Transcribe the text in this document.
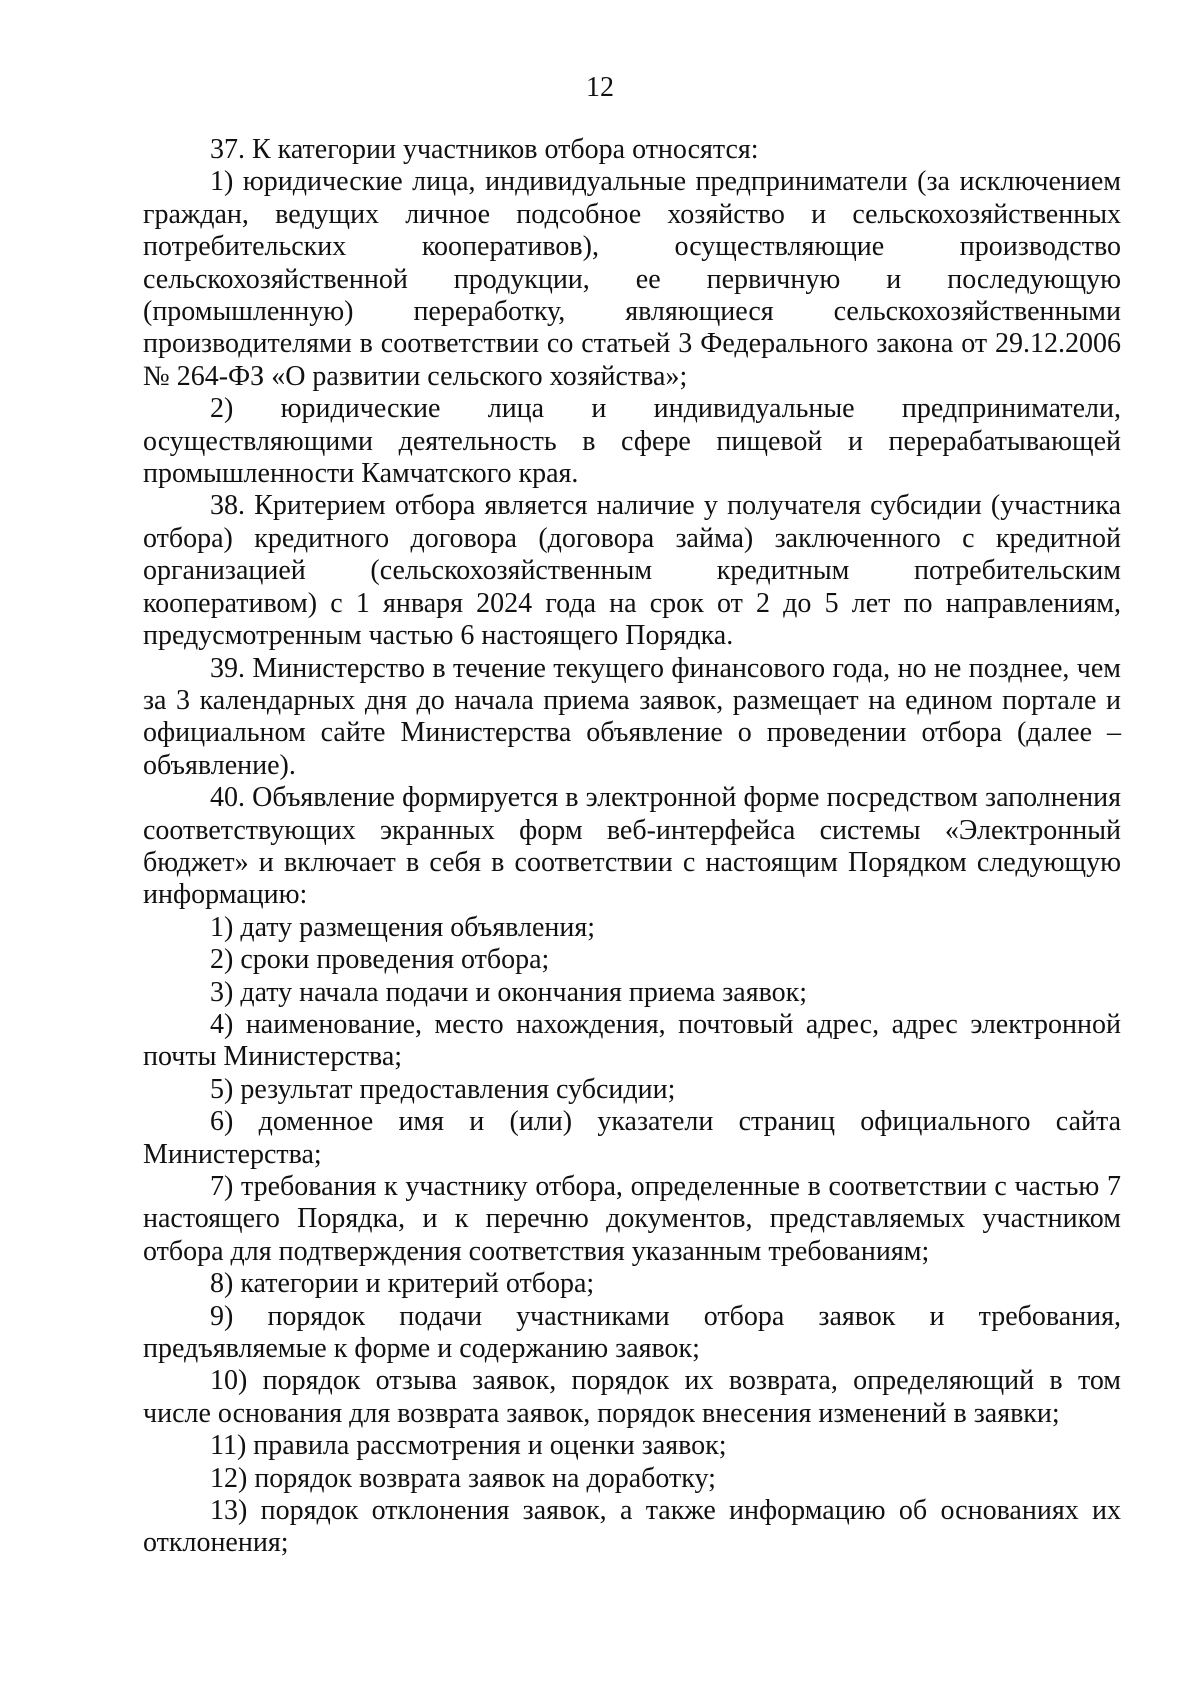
12

37. К категории участников отбора относятся:

1) юридические лица, индивидуальные предприниматели (за исключением граждан, ведущих личное подсобное хозяйство и сельскохозяйственных потребительских кооперативов), осуществляющие производство сельскохозяйственной продукции, ее первичную и последующую (промышленную) переработку, являющиеся сельскохозяйственными производителями в соответствии со статьей 3 Федерального закона от 29.12.2006 № 264-ФЗ «О развитии сельского хозяйства»;

2) юридические лица и индивидуальные предприниматели, осуществляющими деятельность в сфере пищевой и перерабатывающей промышленности Камчатского края.

38. Критерием отбора является наличие у получателя субсидии (участника отбора) кредитного договора (договора займа) заключенного с кредитной организацией (сельскохозяйственным кредитным потребительским кооперативом) с 1 января 2024 года на срок от 2 до 5 лет по направлениям, предусмотренным частью 6 настоящего Порядка.

39. Министерство в течение текущего финансового года, но не позднее, чем за 3 календарных дня до начала приема заявок, размещает на едином портале и официальном сайте Министерства объявление о проведении отбора (далее – объявление).

40. Объявление формируется в электронной форме посредством заполнения соответствующих экранных форм веб-интерфейса системы «Электронный бюджет» и включает в себя в соответствии с настоящим Порядком следующую информацию:

1) дату размещения объявления;

2) сроки проведения отбора;

3) дату начала подачи и окончания приема заявок;

4) наименование, место нахождения, почтовый адрес, адрес электронной почты Министерства;

5) результат предоставления субсидии;

6) доменное имя и (или) указатели страниц официального сайта Министерства;

7) требования к участнику отбора, определенные в соответствии с частью 7 настоящего Порядка, и к перечню документов, представляемых участником отбора для подтверждения соответствия указанным требованиям;

8) категории и критерий отбора;

9) порядок подачи участниками отбора заявок и требования, предъявляемые к форме и содержанию заявок;

10) порядок отзыва заявок, порядок их возврата, определяющий в том числе основания для возврата заявок, порядок внесения изменений в заявки;

11) правила рассмотрения и оценки заявок;

12) порядок возврата заявок на доработку;

13) порядок отклонения заявок, а также информацию об основаниях их отклонения;
